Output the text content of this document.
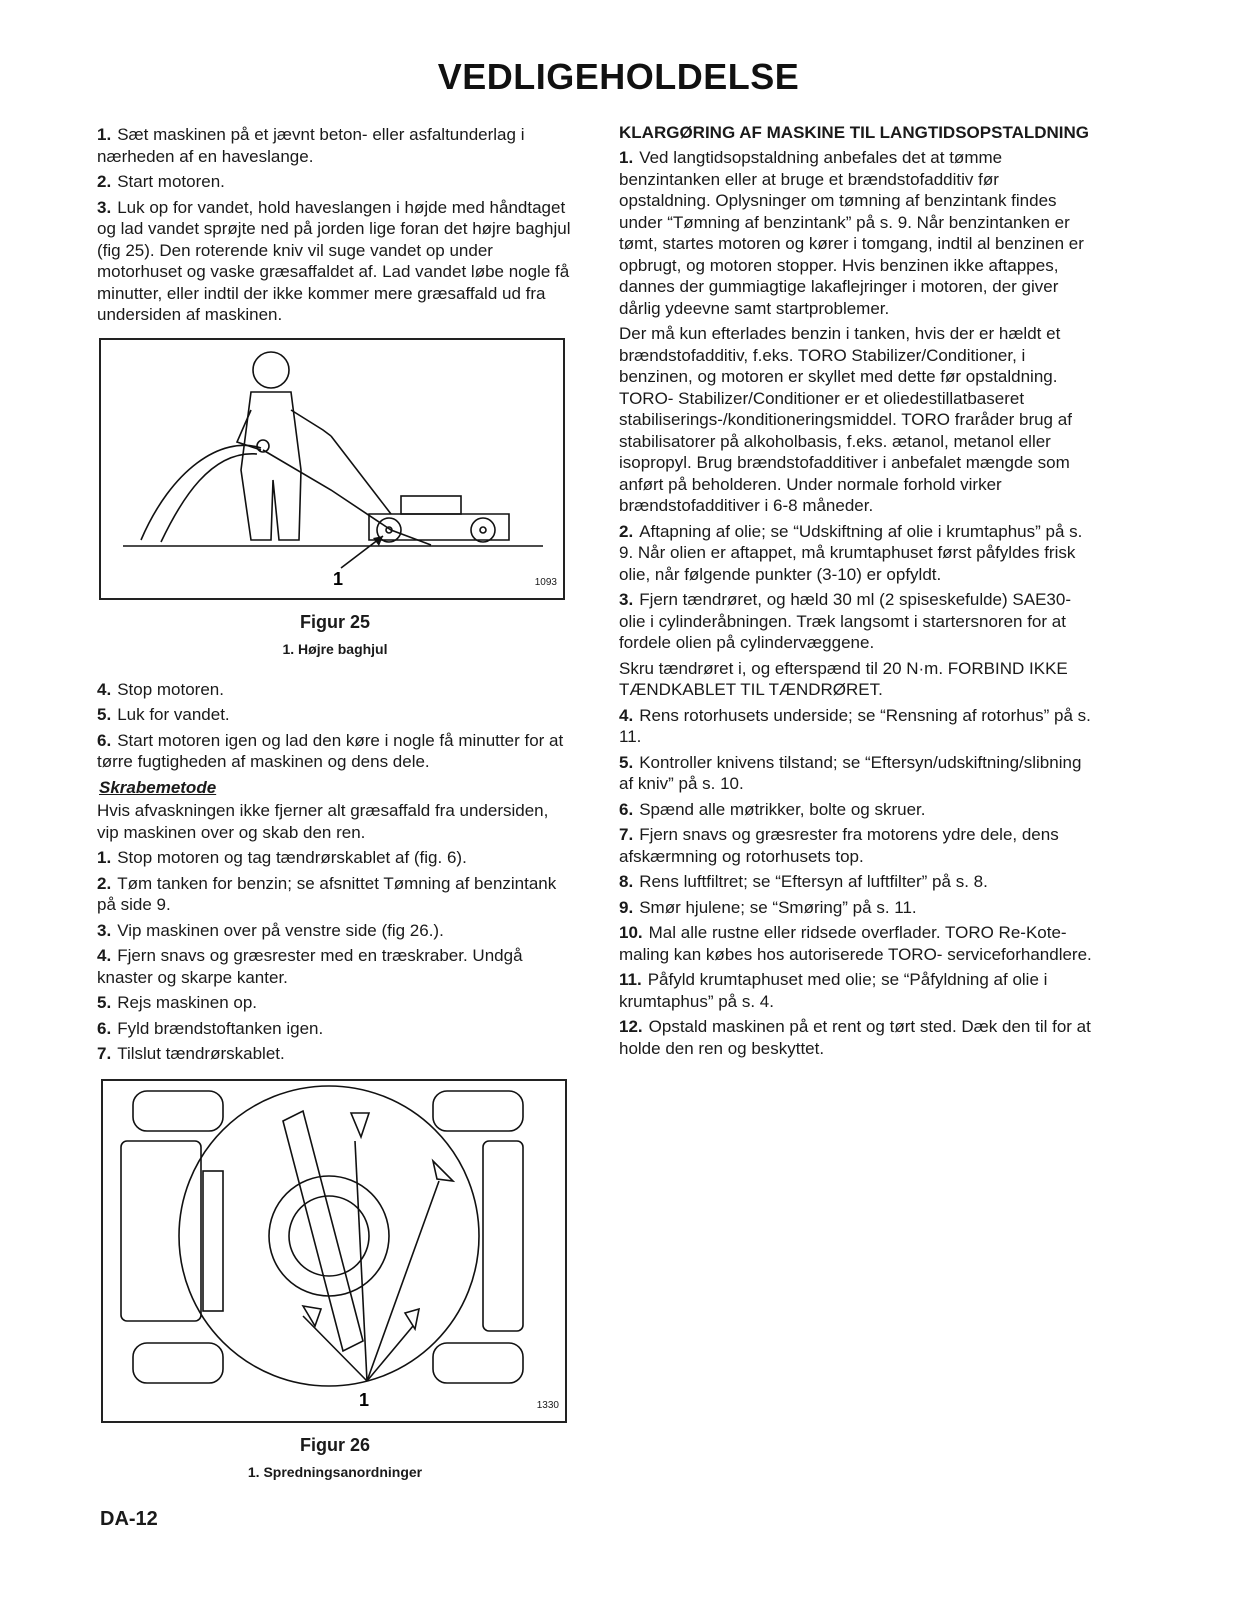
VEDLIGEHOLDELSE

1. Sæt maskinen på et jævnt beton- eller asfaltunderlag i nærheden af en haveslange.

2. Start motoren.

3. Luk op for vandet, hold haveslangen i højde med håndtaget og lad vandet sprøjte ned på jorden lige foran det højre baghjul (fig 25). Den roterende kniv vil suge vandet op under motorhuset og vaske græsaffaldet af. Lad vandet løbe nogle få minutter, eller indtil der ikke kommer mere græsaffald ud fra undersiden af maskinen.

1	1093
Figur 25
1. Højre baghjul

4. Stop motoren.

5. Luk for vandet.

6. Start motoren igen og lad den køre i nogle få minutter for at tørre fugtigheden af maskinen og dens dele.

Skrabemetode

Hvis afvaskningen ikke fjerner alt græsaffald fra undersiden, vip maskinen over og skab den ren.

1. Stop motoren og tag tændrørskablet af (fig. 6).

2. Tøm tanken for benzin; se afsnittet Tømning af benzintank på side 9.

3. Vip maskinen over på venstre side (fig 26.).

4. Fjern snavs og græsrester med en træskraber. Undgå knaster og skarpe kanter.

5. Rejs maskinen op.

6. Fyld brændstoftanken igen.

7. Tilslut tændrørskablet.

1	1330
Figur 26
1. Spredningsanordninger
KLARGØRING AF MASKINE TIL LANGTIDSOPSTALDNING

1. Ved langtidsopstaldning anbefales det at tømme benzintanken eller at bruge et brændstofadditiv før opstaldning. Oplysninger om tømning af benzintank findes under “Tømning af benzintank” på s. 9. Når benzintanken er tømt, startes motoren og kører i tomgang, indtil al benzinen er opbrugt, og motoren stopper. Hvis benzinen ikke aftappes, dannes der gummiagtige lakaflejringer i motoren, der giver dårlig ydeevne samt startproblemer.

Der må kun efterlades benzin i tanken, hvis der er hældt et brændstofadditiv, f.eks. TORO Stabilizer/Conditioner, i benzinen, og motoren er skyllet med dette før opstaldning. TORO- Stabilizer/Conditioner er et oliedestillatbaseret stabiliserings-/konditioneringsmiddel. TORO fraråder brug af stabilisatorer på alkoholbasis, f.eks. ætanol, metanol eller isopropyl. Brug brændstofadditiver i anbefalet mængde som anført på beholderen. Under normale forhold virker brændstofadditiver i 6-8 måneder.

2. Aftapning af olie; se “Udskiftning af olie i krumtaphus” på s. 9. Når olien er aftappet, må krumtaphuset først påfyldes frisk olie, når følgende punkter (3-10) er opfyldt.

3. Fjern tændrøret, og hæld 30 ml (2 spiseskefulde) SAE30-olie i cylinderåbningen. Træk langsomt i startersnoren for at fordele olien på cylindervæggene.

Skru tændrøret i, og efterspænd til 20 N·m. FORBIND IKKE TÆNDKABLET TIL TÆNDRØRET.

4. Rens rotorhusets underside; se “Rensning af rotorhus” på s. 11.

5. Kontroller knivens tilstand; se “Eftersyn/udskiftning/slibning af kniv” på s. 10.

6. Spænd alle møtrikker, bolte og skruer.

7. Fjern snavs og græsrester fra motorens ydre dele, dens afskærmning og rotorhusets top.

8. Rens luftfiltret; se “Eftersyn af luftfilter” på s. 8.

9. Smør hjulene; se “Smøring” på s. 11.

10. Mal alle rustne eller ridsede overflader. TORO Re-Kote-maling kan købes hos autoriserede TORO- serviceforhandlere.

11. Påfyld krumtaphuset med olie; se “Påfyldning af olie i krumtaphus” på s. 4.

12. Opstald maskinen på et rent og tørt sted. Dæk den til for at holde den ren og beskyttet.

DA-12
